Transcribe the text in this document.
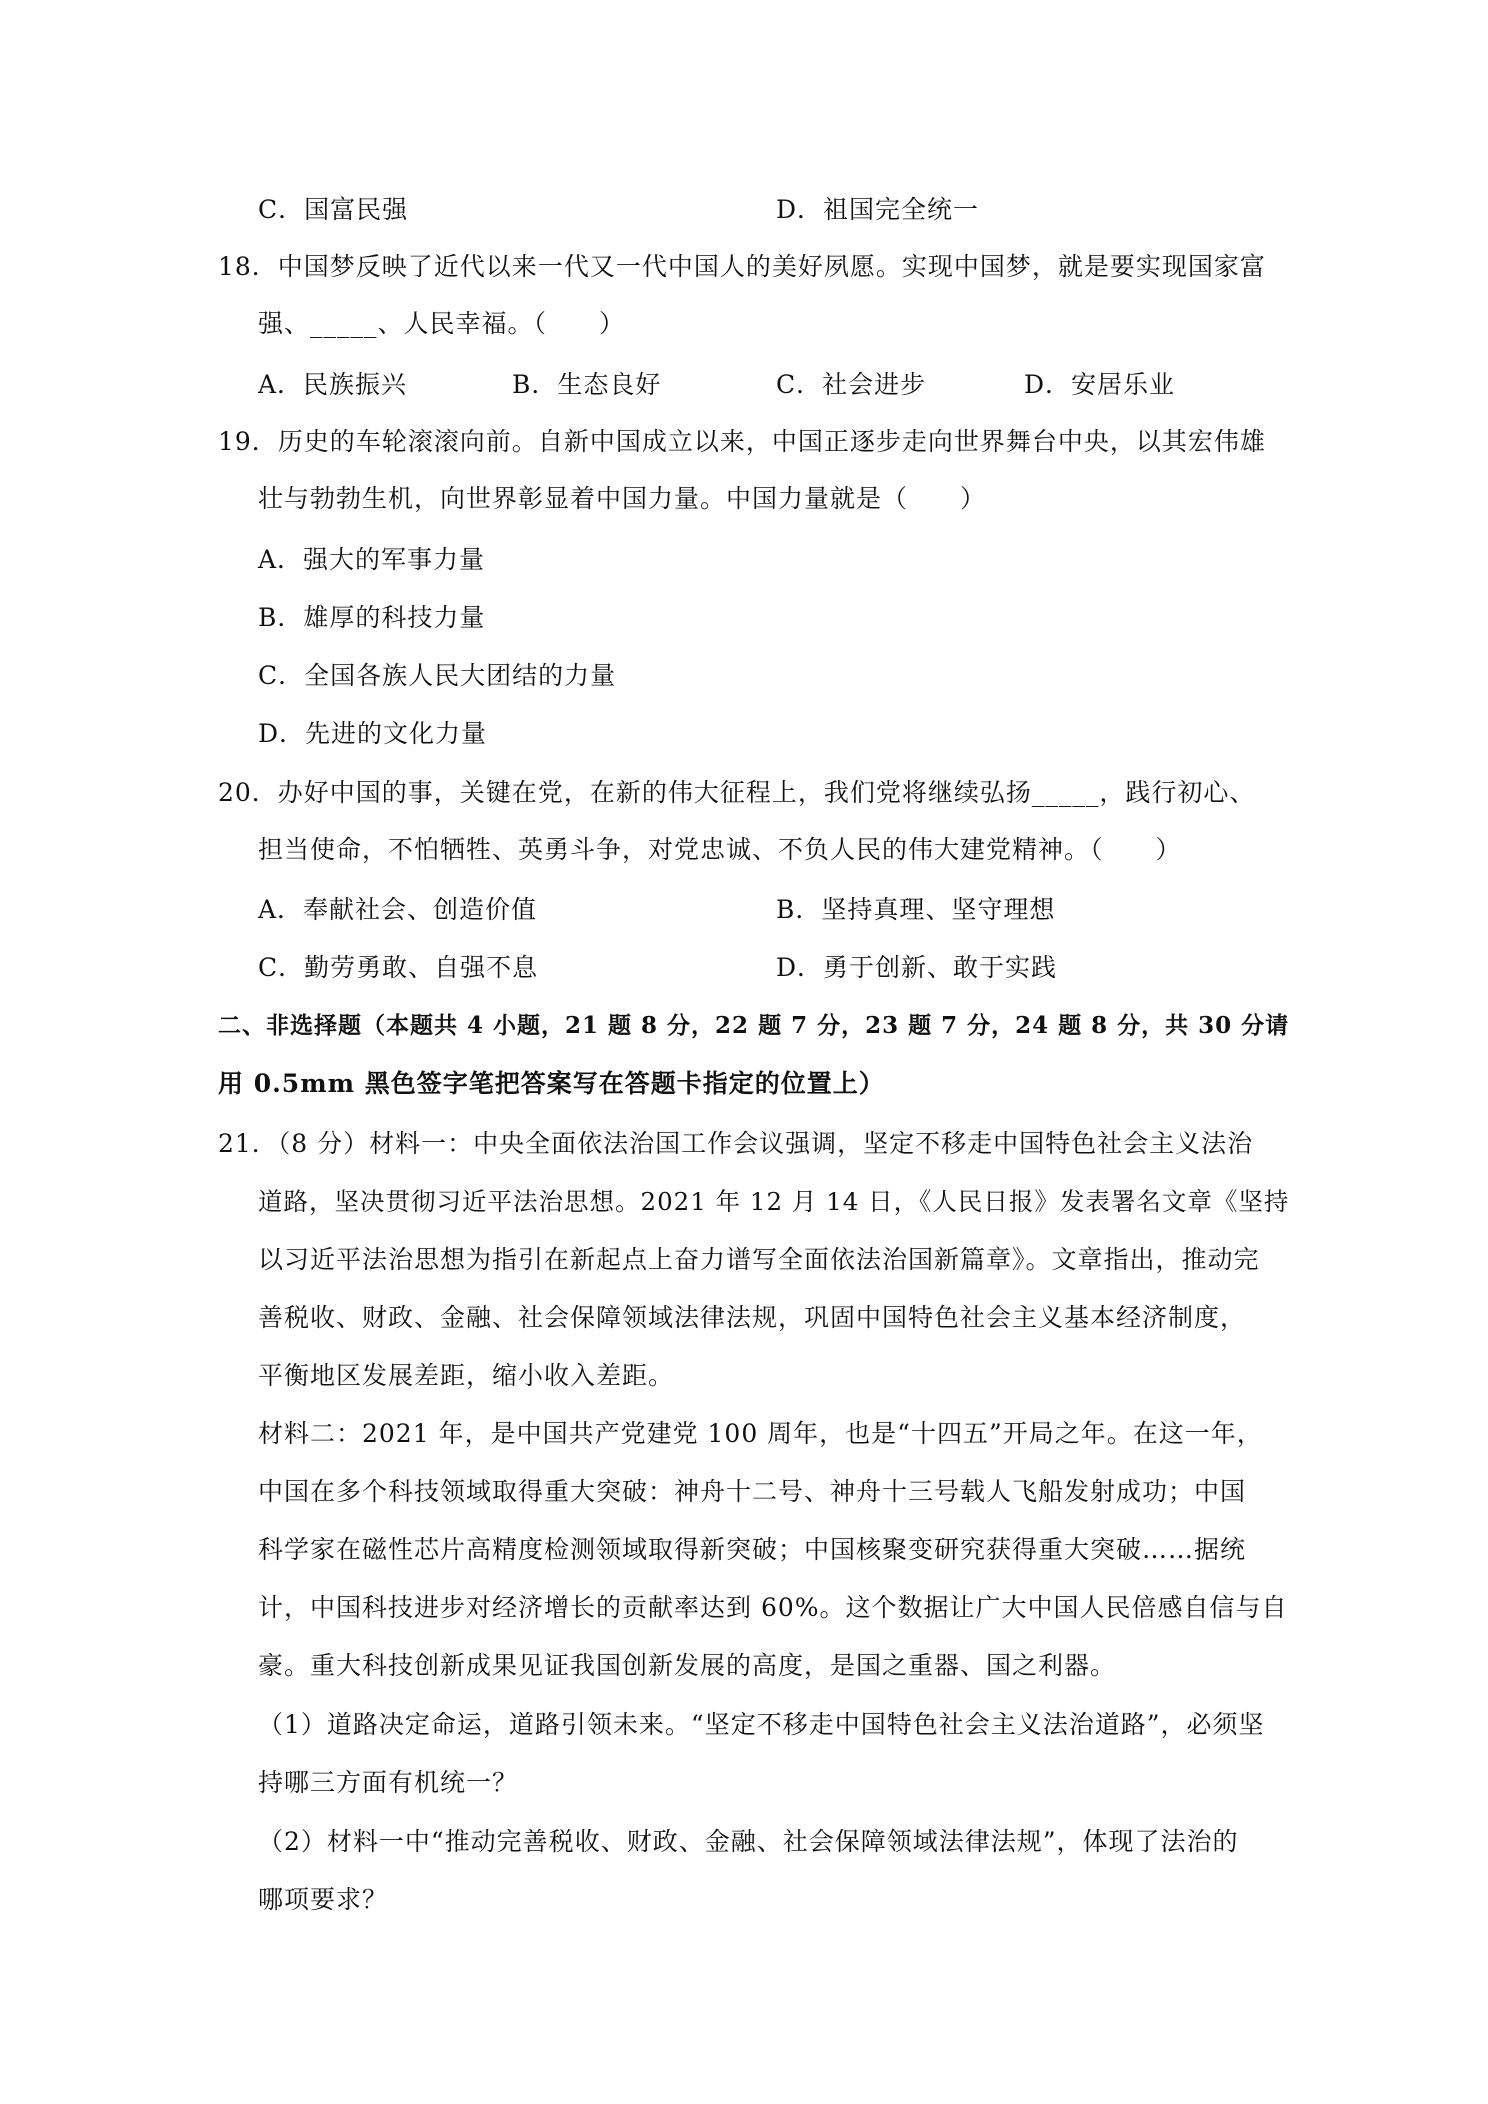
C．国富民强	D．祖国完全统一
18．中国梦反映了近代以来一代又一代中国人的美好夙愿。实现中国梦，就是要实现国家富
强、_____、人民幸福。（　　）
A．民族振兴	B．生态良好	C．社会进步	D．安居乐业
19．历史的车轮滚滚向前。自新中国成立以来，中国正逐步走向世界舞台中央，以其宏伟雄
壮与勃勃生机，向世界彰显着中国力量。中国力量就是（　　）
A．强大的军事力量
B．雄厚的科技力量
C．全国各族人民大团结的力量
D．先进的文化力量
20．办好中国的事，关键在党，在新的伟大征程上，我们党将继续弘扬_____，践行初心、
担当使命，不怕牺牲、英勇斗争，对党忠诚、不负人民的伟大建党精神。（　　）
A．奉献社会、创造价值	B．坚持真理、坚守理想
C．勤劳勇敢、自强不息	D．勇于创新、敢于实践
二、非选择题（本题共 4 小题，21 题 8 分，22 题 7 分，23 题 7 分，24 题 8 分，共 30 分请
用 0.5mm 黑色签字笔把答案写在答题卡指定的位置上）
21．（8 分）材料一：中央全面依法治国工作会议强调，坚定不移走中国特色社会主义法治
道路，坚决贯彻习近平法治思想。2021 年 12 月 14 日，《人民日报》发表署名文章《坚持
以习近平法治思想为指引在新起点上奋力谱写全面依法治国新篇章》。文章指出，推动完
善税收、财政、金融、社会保障领域法律法规，巩固中国特色社会主义基本经济制度，
平衡地区发展差距，缩小收入差距。
材料二：2021 年，是中国共产党建党 100 周年，也是“十四五”开局之年。在这一年，
中国在多个科技领域取得重大突破：神舟十二号、神舟十三号载人飞船发射成功；中国
科学家在磁性芯片高精度检测领域取得新突破；中国核聚变研究获得重大突破……据统
计，中国科技进步对经济增长的贡献率达到 60%。这个数据让广大中国人民倍感自信与自
豪。重大科技创新成果见证我国创新发展的高度，是国之重器、国之利器。
（1）道路决定命运，道路引领未来。“坚定不移走中国特色社会主义法治道路”，必须坚
持哪三方面有机统一？
（2）材料一中“推动完善税收、财政、金融、社会保障领域法律法规”，体现了法治的
哪项要求？
